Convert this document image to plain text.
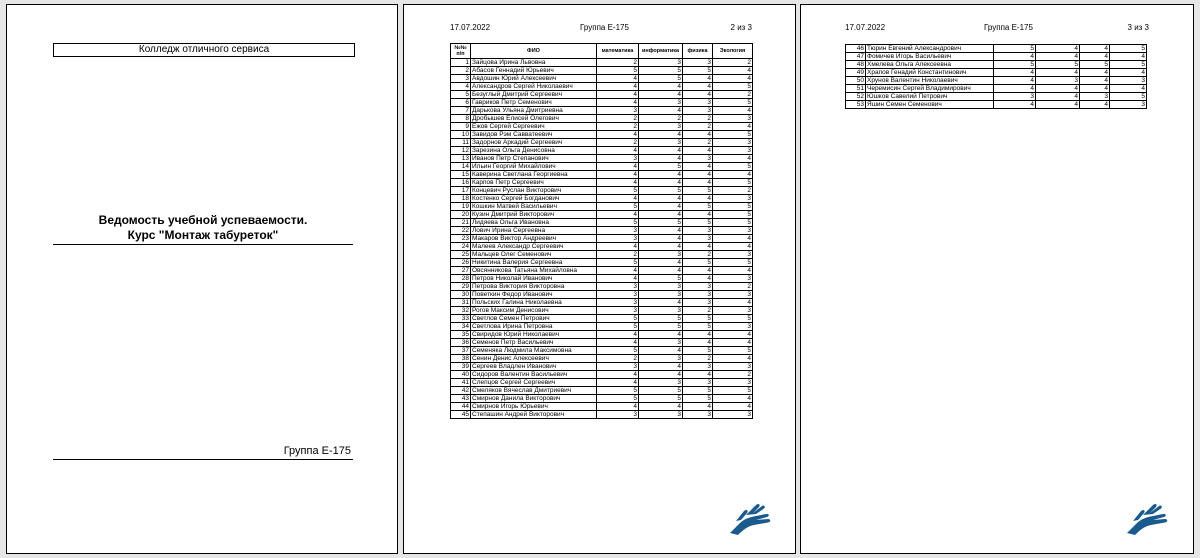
Колледж отличного сервиса
Ведомость учебной успеваемости.
Курс "Монтаж табуреток"
Группа Е-175
17.07.2022	Группа Е-175	2 из 3
№№
п/п	ФИО	математика	информатика	физика	Экология
1	Зайцова Ирина Львовна	2	3	3	2
2	Абасов Геннадий Юрьевич	5	5	5	4
3	Авдошин Юрий Алексеевич	4	5	4	4
4	Александров Сергей Николаевич	4	4	4	5
5	Безуглый Дмитрий Сергеевич	4	4	4	2
6	Гавриков Петр Семенович	4	3	3	5
7	Дарькова Ульяна Дмитриевна	3	4	3	4
8	Дробышев Елисей Олегович	2	2	2	3
9	Ежов Сергей Сергеевич	2	3	2	4
10	Завидов Рэм Савватеевич	4	4	4	5
11	Задорнов Аркадий Сергеевич	2	3	2	3
12	Зарезина Ольга Денисовна	4	4	4	3
13	Иванов Петр Степанович	3	4	3	4
14	Ильин Георгий Михайлович	4	5	4	5
15	Каверина Светлана Георгиевна	4	4	4	4
16	Карпов Петр Сергеевич	4	4	4	5
17	Концевич Руслан Викторович	5	5	5	2
18	Костенко Сергей Богданович	4	4	4	3
19	Кошкин Матвей Васильевич	5	4	5	5
20	Кузин Дмитрий Викторович	4	4	4	5
21	Лидяева Ольга Ивановна	5	5	5	5
22	Лович Ирина Сергеевна	3	4	3	3
23	Макаров Виктор Андреевич	3	4	3	4
24	Малеев Александр Сергеевич	4	4	4	4
25	Мальцев Олег Семенович	2	3	2	3
26	Никитина Валерия Сергеевна	5	4	5	5
27	Овсянникова Татьяна Михайловна	4	4	4	4
28	Петров Николай Иванович	4	5	4	3
29	Петрова Виктория Викторовна	3	3	3	2
30	Поветкин Федор Иванович	3	3	3	3
31	Польских Галина Николаевна	3	4	3	4
32	Рогов Максим Денисович	3	3	2	3
33	Светлов Семен Петрович	5	5	5	5
34	Светлова Ирина Петровна	5	5	5	3
35	Свиридов Юрий Николаевич	4	4	4	4
36	Семенов Петр Васильевич	4	3	4	4
37	Семеняка Людмила Максимовна	5	4	5	5
38	Сенин Денис Алексеевич	2	3	2	4
39	Сергеев Владлен Иванович	3	4	3	3
40	Сидоров Валентин Васильевич	4	4	4	2
41	Слепцов Сергей Сергеевич	4	3	3	3
42	Смеляков Вячеслав Дмитриевич	5	5	5	5
43	Смирнов Данила Викторович	5	5	5	4
44	Смирнов Игорь Юрьевич	4	4	4	4
45	Степашин Андрей Викторович	3	3	3	3
17.07.2022	Группа Е-175	3 из 3
46	Тюрин Евгений Александрович	5	4	4	5
47	Фомичев Игорь Васильевич	4	4	4	4
48	Хмелева Ольга Алексеевна	5	5	5	5
49	Храпов Генадий Константинович	4	4	4	4
50	Хрунов Валентин Николаевич	4	3	4	3
51	Черемисин Сергей Владимирович	4	4	4	4
52	Юшков Савелий Петрович	3	4	3	5
53	Яшин Семен Семенович	4	4	4	3
